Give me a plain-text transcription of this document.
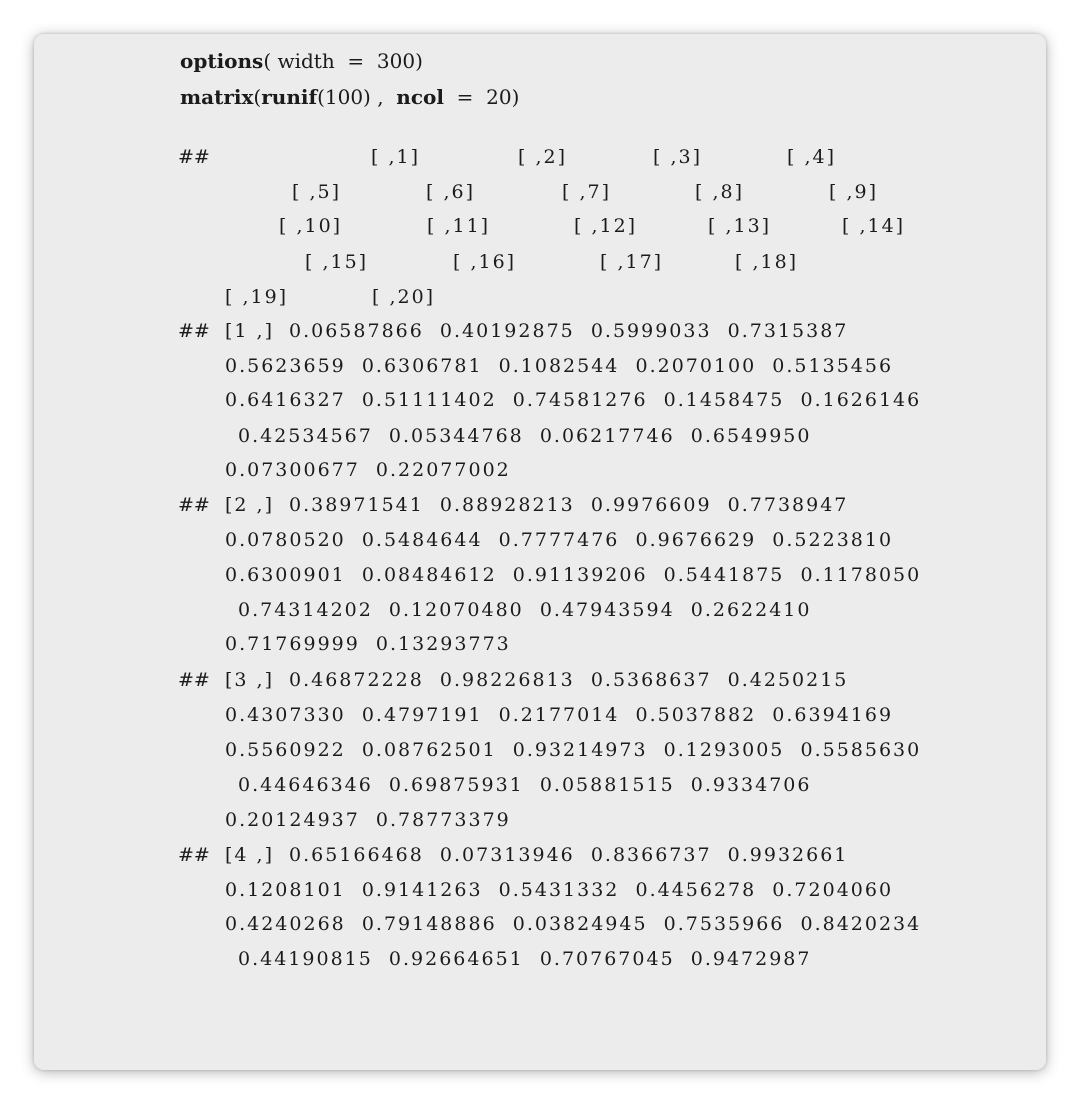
options( width  =  300)
matrix(runif(100) ,  ncol  =  20)
##	[ ,1]	[ ,2]	[ ,3]	[ ,4]
[ ,5]	[ ,6]	[ ,7]	[ ,8]	[ ,9]
[ ,10]	[ ,11]	[ ,12]	[ ,13]	[ ,14]
[ ,15]	[ ,16]	[ ,17]	[ ,18]
[ ,19]	[ ,20]
## [1 ,] 0.06587866  0.40192875  0.5999033  0.7315387
0.5623659  0.6306781  0.1082544  0.2070100  0.5135456
0.6416327  0.51111402  0.74581276  0.1458475  0.1626146
0.42534567  0.05344768  0.06217746  0.6549950
0.07300677  0.22077002
## [2 ,] 0.38971541  0.88928213  0.9976609  0.7738947
0.0780520  0.5484644  0.7777476  0.9676629  0.5223810
0.6300901  0.08484612  0.91139206  0.5441875  0.1178050
0.74314202  0.12070480  0.47943594  0.2622410
0.71769999  0.13293773
## [3 ,] 0.46872228  0.98226813  0.5368637  0.4250215
0.4307330  0.4797191  0.2177014  0.5037882  0.6394169
0.5560922  0.08762501  0.93214973  0.1293005  0.5585630
0.44646346  0.69875931  0.05881515  0.9334706
0.20124937  0.78773379
## [4 ,] 0.65166468  0.07313946  0.8366737  0.9932661
0.1208101  0.9141263  0.5431332  0.4456278  0.7204060
0.4240268  0.79148886  0.03824945  0.7535966  0.8420234
0.44190815  0.92664651  0.70767045  0.9472987
